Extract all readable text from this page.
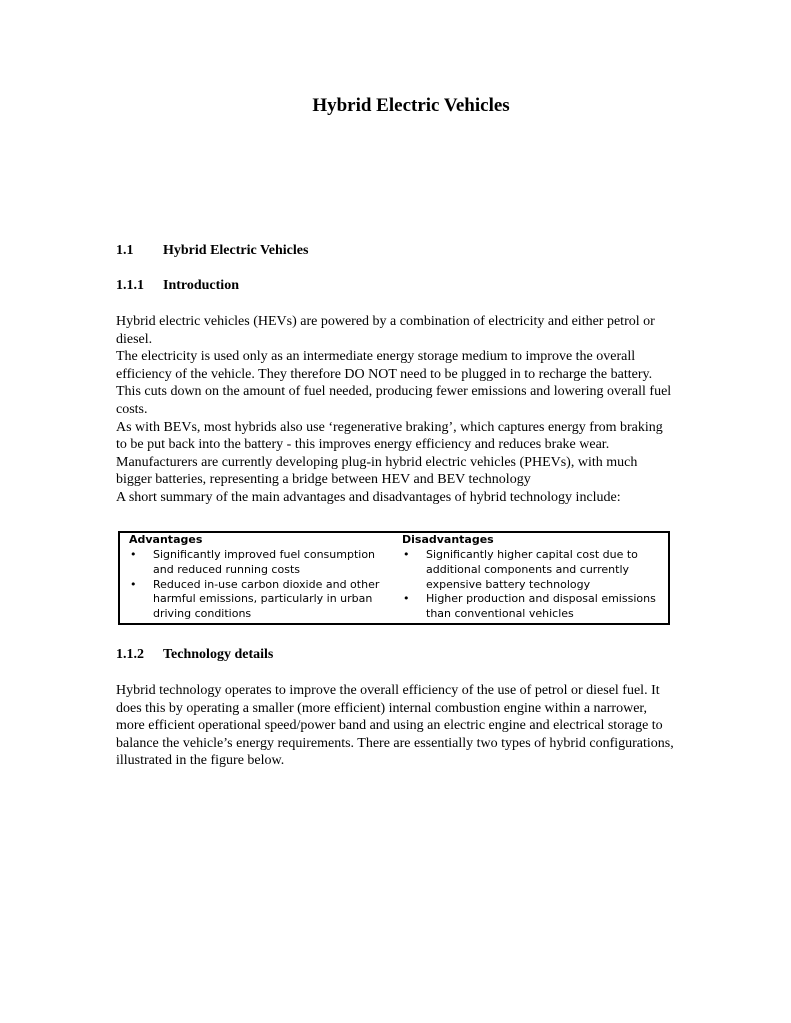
Hybrid Electric Vehicles
1.1 Hybrid Electric Vehicles
1.1.1 Introduction

Hybrid electric vehicles (HEVs) are powered by a combination of electricity and either petrol or diesel.

The electricity is used only as an intermediate energy storage medium to improve the overall efficiency of the vehicle. They therefore DO NOT need to be plugged in to recharge the battery. This cuts down on the amount of fuel needed, producing fewer emissions and lowering overall fuel costs.

As with BEVs, most hybrids also use ‘regenerative braking’, which captures energy from braking to be put back into the battery - this improves energy efficiency and reduces brake wear.

Manufacturers are currently developing plug-in hybrid electric vehicles (PHEVs), with much bigger batteries, representing a bridge between HEV and BEV technology

A short summary of the main advantages and disadvantages of hybrid technology include:

Advantages
• Significantly improved fuel consumption and reduced running costs
• Reduced in-use carbon dioxide and other harmful emissions, particularly in urban driving conditions
Disadvantages
• Significantly higher capital cost due to additional components and currently expensive battery technology
• Higher production and disposal emissions than conventional vehicles
1.1.2 Technology details

Hybrid technology operates to improve the overall efficiency of the use of petrol or diesel fuel. It does this by operating a smaller (more efficient) internal combustion engine within a narrower, more efficient operational speed/power band and using an electric engine and electrical storage to balance the vehicle’s energy requirements. There are essentially two types of hybrid configurations, illustrated in the figure below.
